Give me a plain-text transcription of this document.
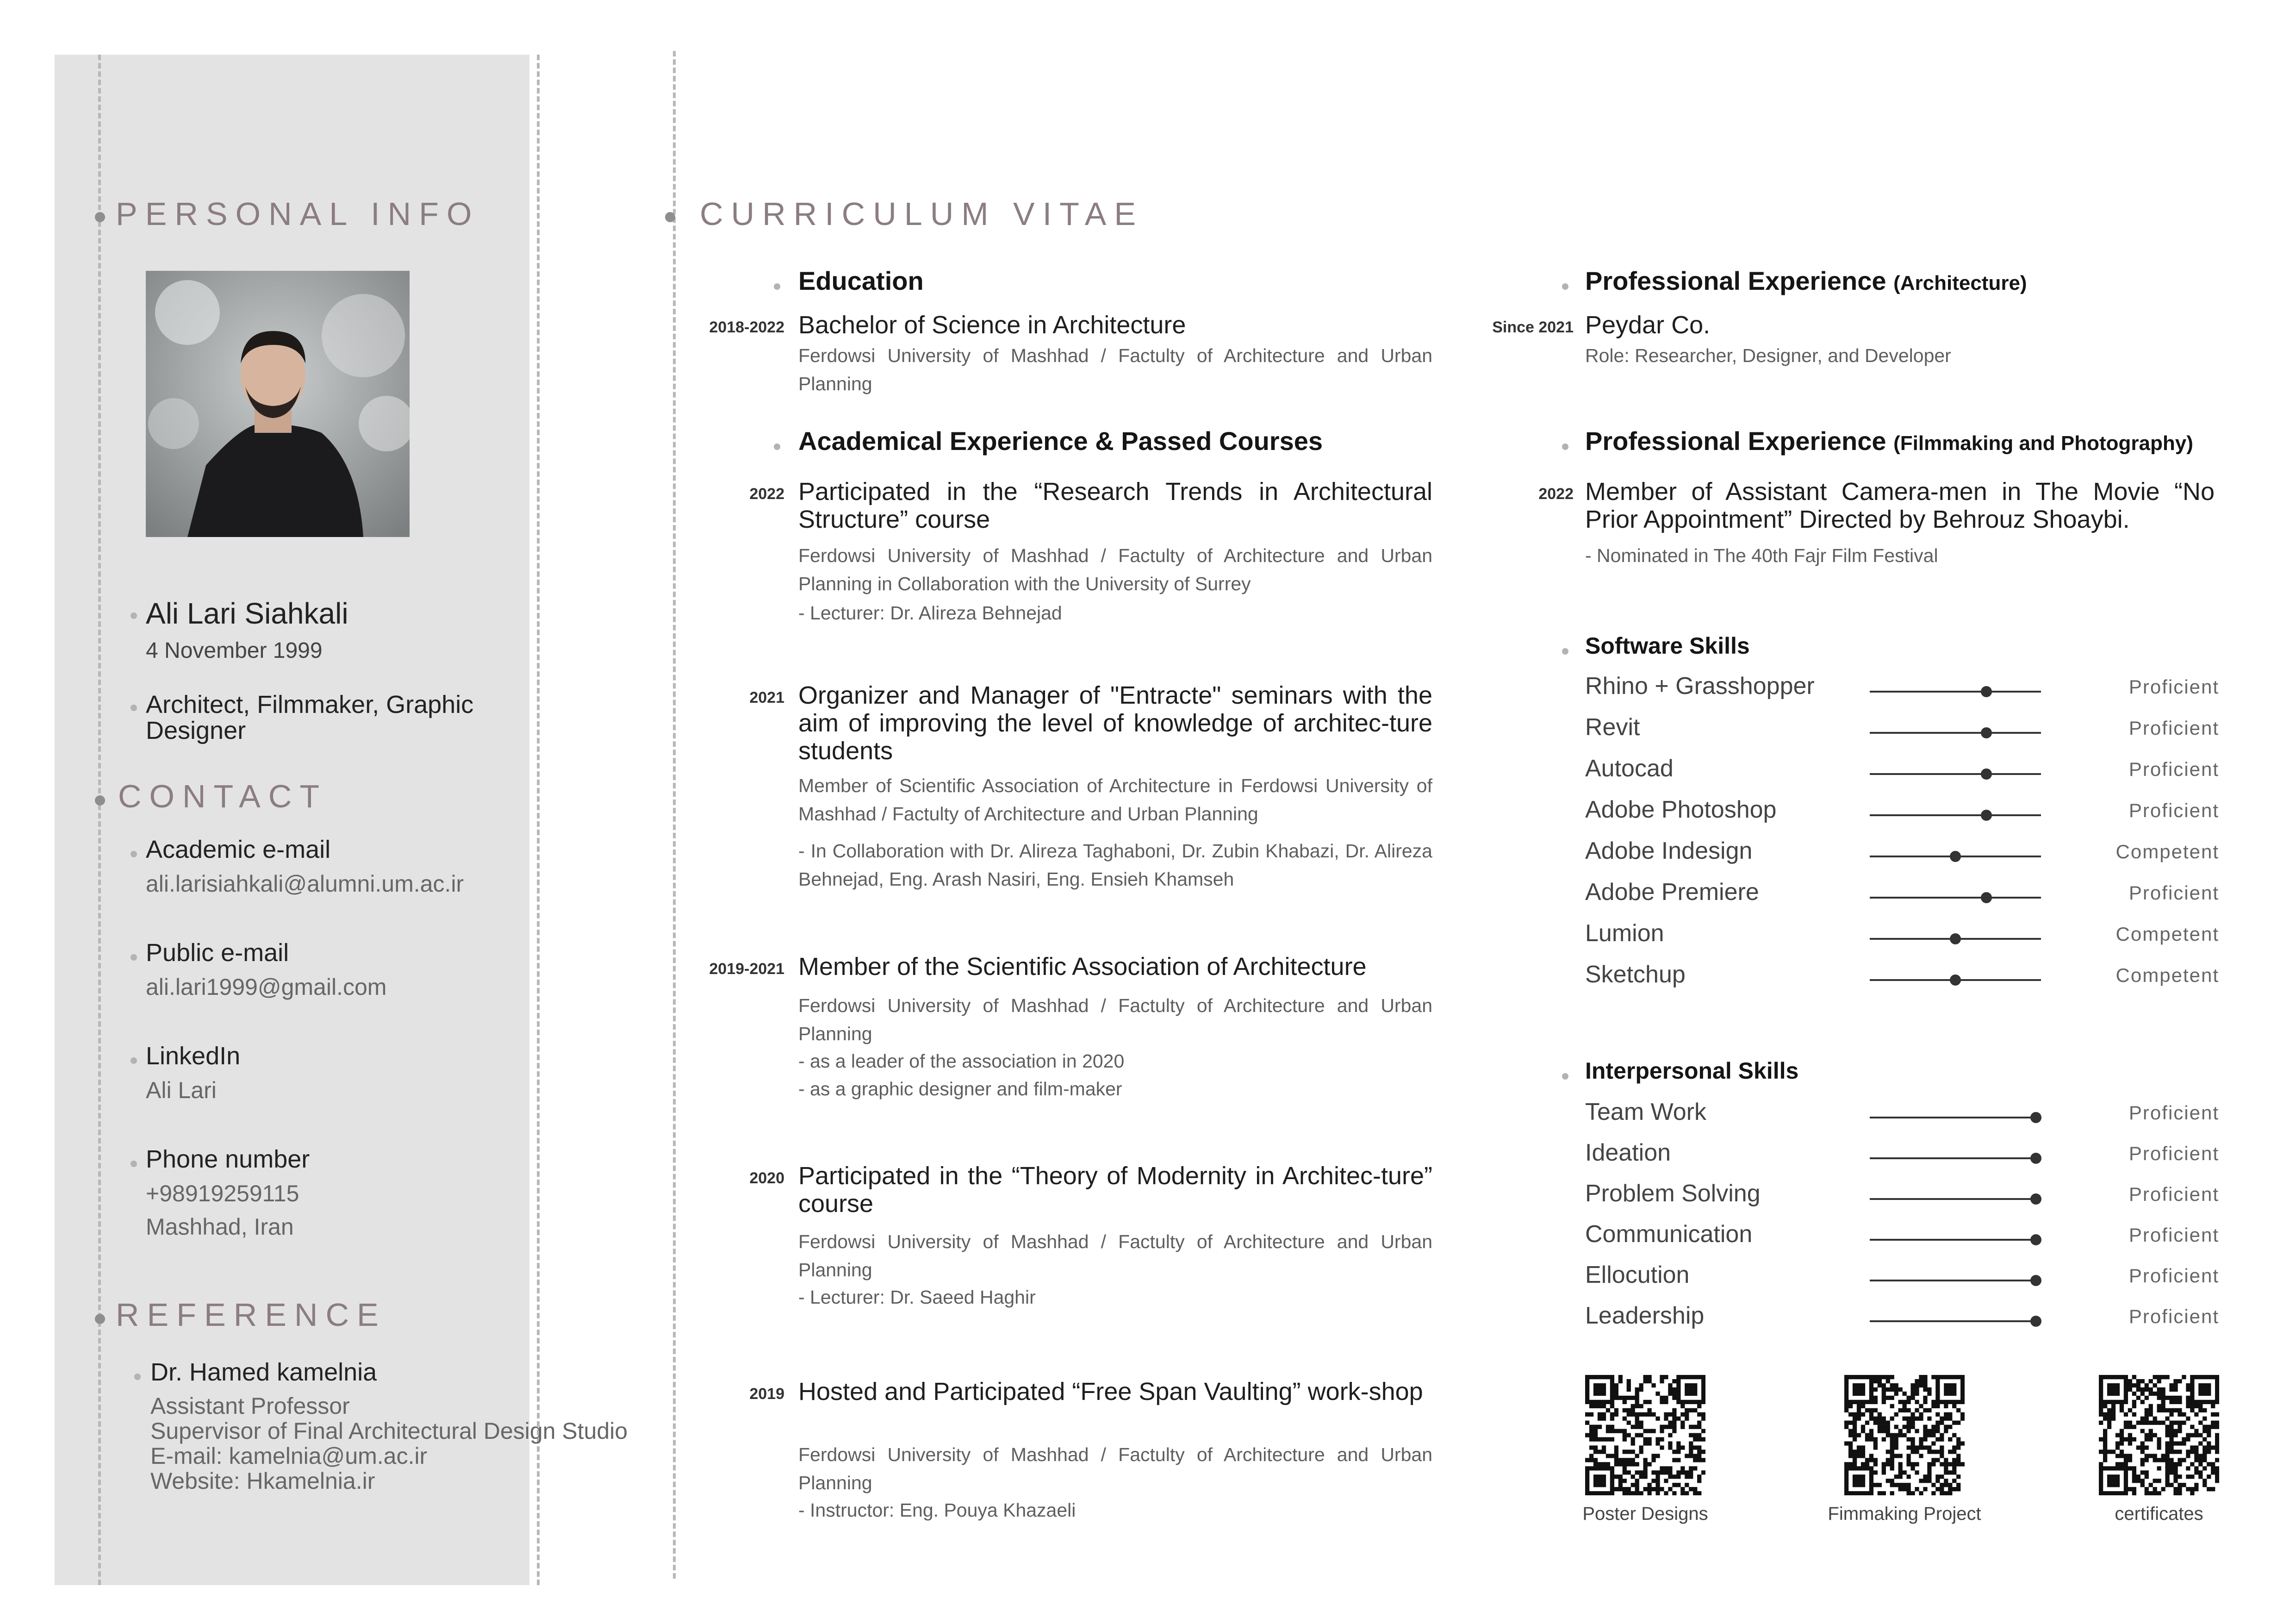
PERSONAL INFO
Ali Lari Siahkali
4 November 1999
Architect, Filmmaker, Graphic Designer
CONTACT
Academic e-mail
ali.larisiahkali@alumni.um.ac.ir
Public e-mail
ali.lari1999@gmail.com
LinkedIn
Ali Lari
Phone number
+98919259115
Mashhad, Iran
REFERENCE
Dr. Hamed kamelnia
Assistant Professor
Supervisor of Final Architectural Design Studio
E-mail: kamelnia@um.ac.ir
Website: Hkamelnia.ir
CURRICULUM VITAE
Education
2018-2022 Bachelor of Science in Architecture
Ferdowsi University of Mashhad / Factulty of Architecture and Urban Planning
Academical Experience & Passed Courses
2022 Participated in the “Research Trends in Architectural Structure” course
Ferdowsi University of Mashhad / Factulty of Architecture and Urban Planning in Collaboration with the University of Surrey
- Lecturer: Dr. Alireza Behnejad
2021 Organizer and Manager of "Entracte" seminars with the aim of improving the level of knowledge of architec-ture students
Member of Scientific Association of Architecture in Ferdowsi University of Mashhad / Factulty of Architecture and Urban Planning
- In Collaboration with Dr. Alireza Taghaboni, Dr. Zubin Khabazi, Dr. Alireza Behnejad, Eng. Arash Nasiri, Eng. Ensieh Khamseh
2019-2021 Member of the Scientific Association of Architecture
Ferdowsi University of Mashhad / Factulty of Architecture and Urban Planning
- as a leader of the association in 2020
- as a graphic designer and film-maker
2020 Participated in the “Theory of Modernity in Architec-ture” course
Ferdowsi University of Mashhad / Factulty of Architecture and Urban Planning
- Lecturer: Dr. Saeed Haghir
2019 Hosted and Participated “Free Span Vaulting” work-shop
Ferdowsi University of Mashhad / Factulty of Architecture and Urban Planning
- Instructor: Eng. Pouya Khazaeli
Professional Experience (Architecture)
Since 2021 Peydar Co.
Role: Researcher, Designer, and Developer
Professional Experience (Filmmaking and Photography)
2022 Member of Assistant Camera-men in The Movie “No Prior Appointment” Directed by Behrouz Shoaybi.
- Nominated in The 40th Fajr Film Festival
Software Skills
Rhino + Grasshopper	Proficient
Revit	Proficient
Autocad	Proficient
Adobe Photoshop	Proficient
Adobe Indesign	Competent
Adobe Premiere	Proficient
Lumion	Competent
Sketchup	Competent
Interpersonal Skills
Team Work	Proficient
Ideation	Proficient
Problem Solving	Proficient
Communication	Proficient
Ellocution	Proficient
Leadership	Proficient
Poster Designs	Fimmaking Project	certificates
